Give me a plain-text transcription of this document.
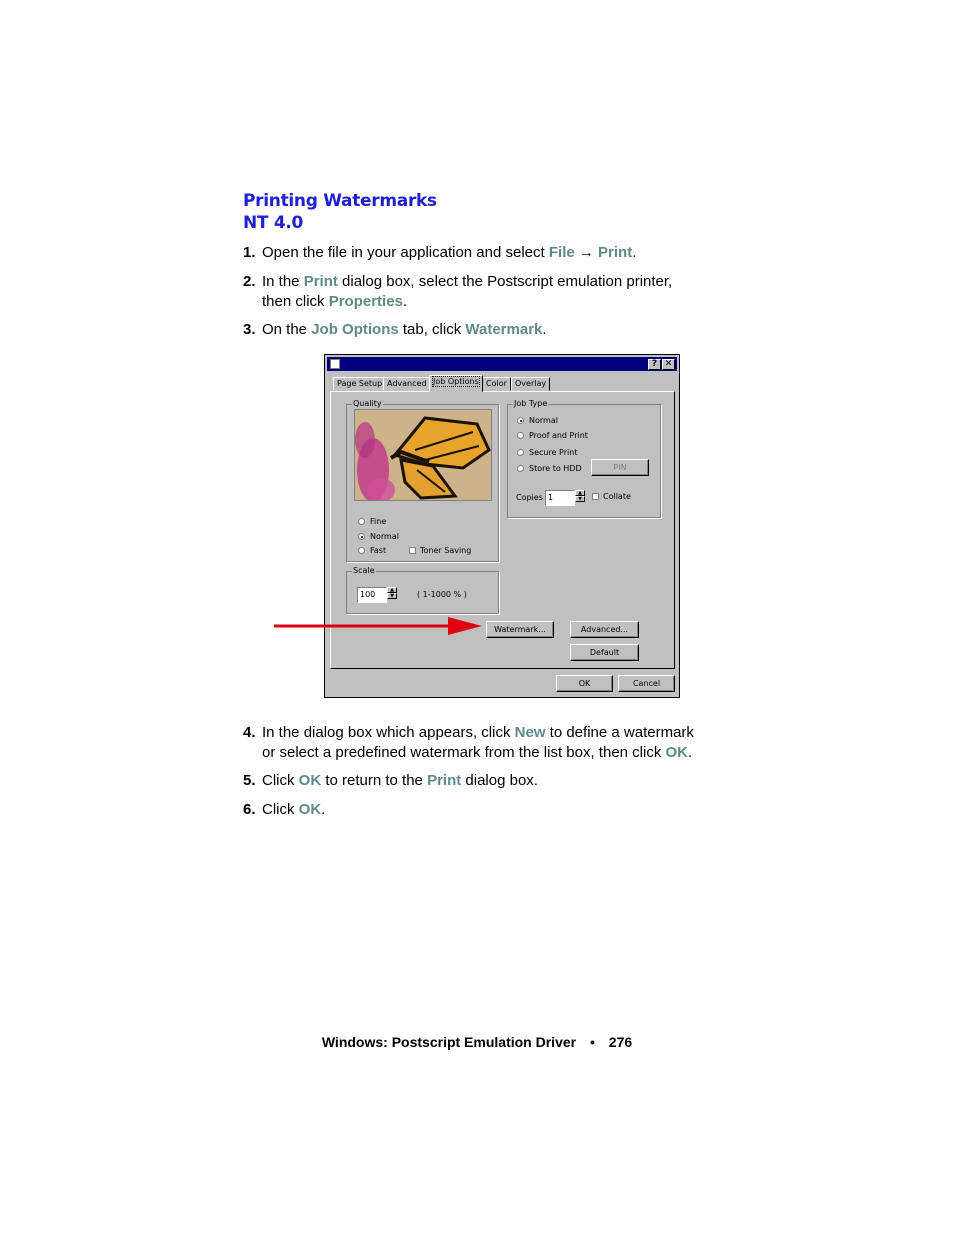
Printing Watermarks
NT 4.0
1. Open the file in your application and select File → Print.
2. In the Print dialog box, select the Postscript emulation printer,
then click Properties.
3. On the Job Options tab, click Watermark.
? ✕
Page Setup Advanced Job Options Color	Overlay
Quality
Fine
Normal
Fast	Toner Saving
Job Type
Normal
Proof and Print
Secure Print
Store to HDD	PIN
Copies 1	▲
▼	Collate
Scale
100	▲
▼	( 1-1000 % )
Watermark...	Advanced...
Default
OK	Cancel
4. In the dialog box which appears, click New to define a watermark
or select a predefined watermark from the list box, then click OK.
5. Click OK to return to the Print dialog box.
6. Click OK.
Windows: Postscript Emulation Driver • 276
